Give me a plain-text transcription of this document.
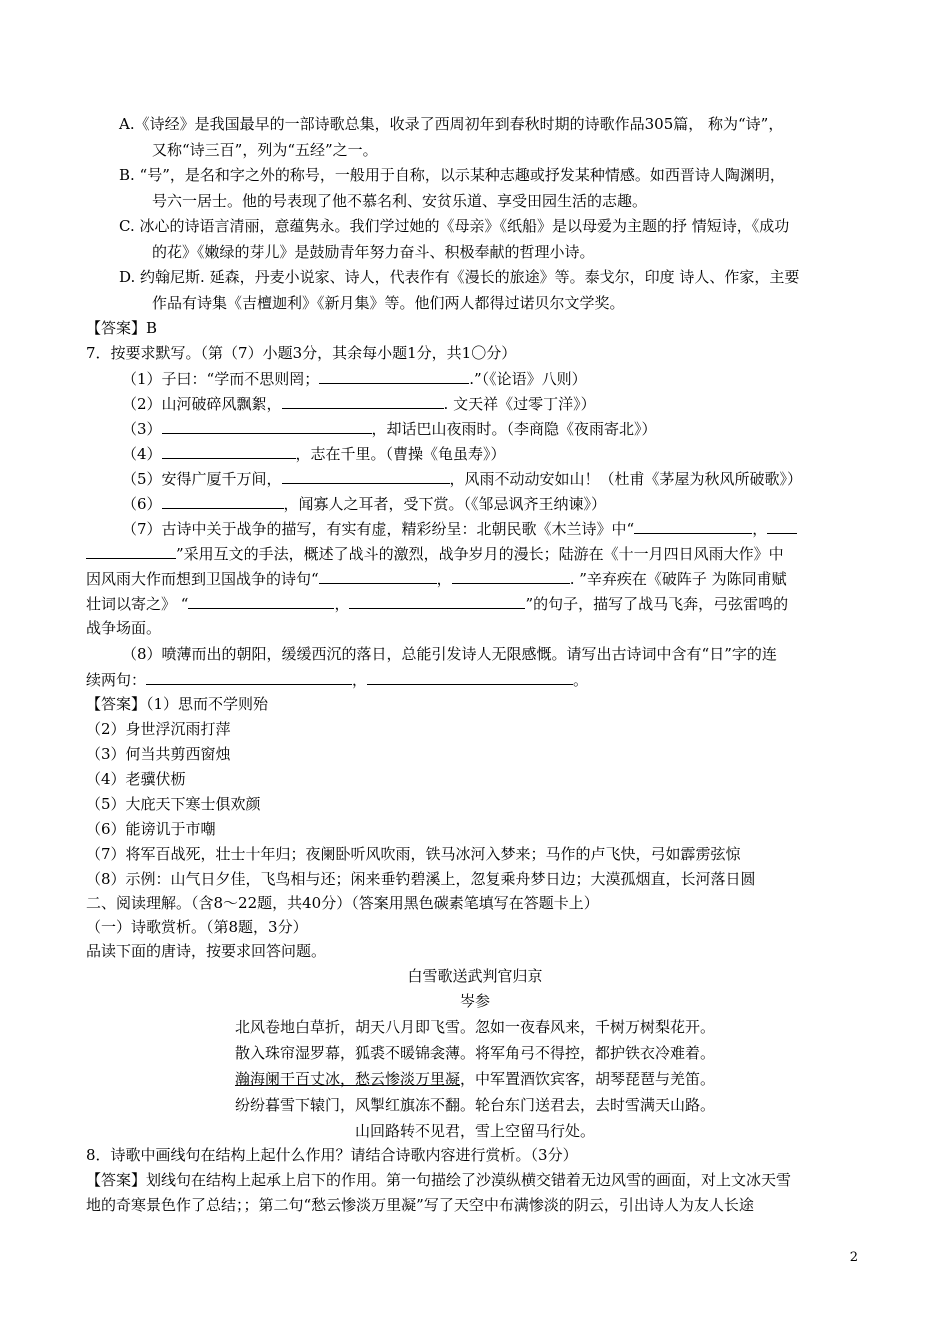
A.《诗经》是我国最早的一部诗歌总集，收录了西周初年到春秋时期的诗歌作品305篇， 称为“诗”，
又称“诗三百”，列为“五经”之一。
B. “号”，是名和字之外的称号，一般用于自称，以示某种志趣或抒发某种情感。如西晋诗人陶渊明，
号六一居士。他的号表现了他不慕名利、安贫乐道、享受田园生活的志趣。
C. 冰心的诗语言清丽，意蕴隽永。我们学过她的《母亲》《纸船》是以母爱为主题的抒 情短诗，《成功
的花》《嫩绿的芽儿》是鼓励青年努力奋斗、积极奉献的哲理小诗。
D. 约翰尼斯. 延森，丹麦小说家、诗人，代表作有《漫长的旅途》等。泰戈尔，印度 诗人、作家，主要
作品有诗集《吉檀迦利》《新月集》等。他们两人都得过诺贝尔文学奖。
【答案】B
7．按要求默写。（第（7）小题3分，其余每小题1分，共1〇分）
（1）子曰：“学而不思则罔；	.”（《论语》八则）
（2）山河破碎风飘絮，	. 文天祥《过零丁洋》）
（3）	，却话巴山夜雨时。（李商隐《夜雨寄北》）
（4）	，志在千里。（曹操《龟虽寿》）
（5）安得广厦千万间，	，风雨不动动安如山！（杜甫《茅屋为秋风所破歌》）
（6）	，闻寡人之耳者，受下赏。（《邹忌讽齐王纳谏》）
（7）古诗中关于战争的描写，有实有虚，精彩纷呈：北朝民歌《木兰诗》中“	，
”采用互文的手法，概述了战斗的激烈，战争岁月的漫长；陆游在《十一月四日风雨大作》中
因风雨大作而想到卫国战争的诗句“	，	. ”辛弃疾在《破阵子 为陈同甫赋
壮词以寄之》 “	，	”的句子，描写了战马飞奔，弓弦雷鸣的
战争场面。
（8）喷薄而出的朝阳，缓缓西沉的落日，总能引发诗人无限感慨。请写出古诗词中含有“日”字的连
续两句：	，	。
【答案】（1）思而不学则殆
（2）身世浮沉雨打萍
（3）何当共剪西窗烛
（4）老骥伏枥
（5）大庇天下寒士俱欢颜
（6）能谤讥于市嘲
（7）将军百战死，壮士十年归；夜阑卧听风吹雨，铁马冰河入梦来；马作的卢飞快，弓如霹雳弦惊
（8）示例：山气日夕佳，飞鸟相与还；闲来垂钓碧溪上，忽复乘舟梦日边；大漠孤烟直，长河落日圆
二、阅读理解。（含8～22题，共40分）（答案用黑色碳素笔填写在答题卡上）
（一）诗歌赏析。（第8题，3分）
品读下面的唐诗，按要求回答问题。
白雪歌送武判官归京
岑参
北风卷地白草折，胡天八月即飞雪。忽如一夜春风来，千树万树梨花开。
散入珠帘湿罗幕，狐裘不暖锦衾薄。将军角弓不得控，都护铁衣冷难着。
瀚海阑干百丈冰，愁云惨淡万里凝，中军置酒饮宾客，胡琴琵琶与羌笛。
纷纷暮雪下辕门，风掣红旗冻不翻。轮台东门送君去，去时雪满天山路。
山回路转不见君，雪上空留马行处。
8．诗歌中画线句在结构上起什么作用？请结合诗歌内容进行赏析。（3分）
【答案】划线句在结构上起承上启下的作用。第一句描绘了沙漠纵横交错着无边风雪的画面，对上文冰天雪
地的奇寒景色作了总结；；第二句“愁云惨淡万里凝”写了天空中布满惨淡的阴云，引出诗人为友人长途
2
